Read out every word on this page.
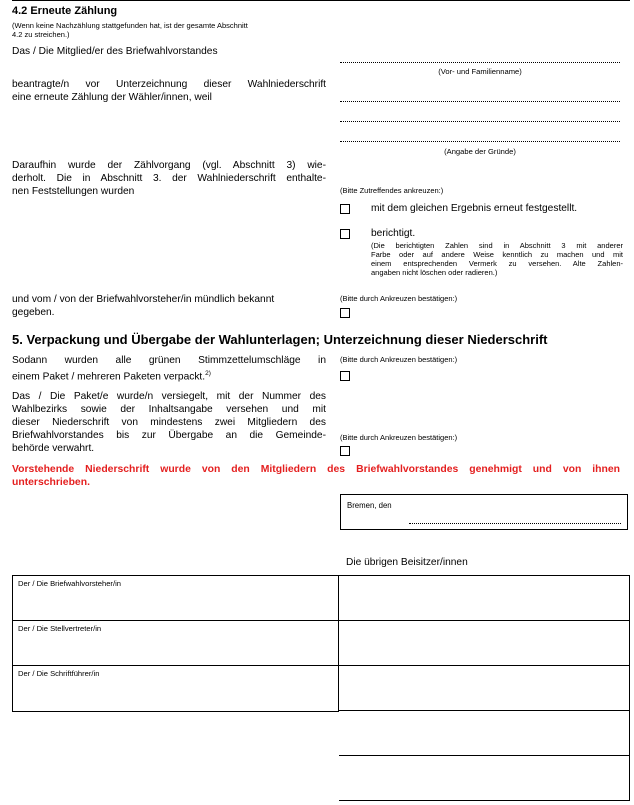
4.2 Erneute Zählung
(Wenn keine Nachzählung stattgefunden hat, ist der gesamte Abschnitt
4.2 zu streichen.)
Das / Die Mitglied/er des Briefwahlvorstandes
(Vor- und Familienname)
beantragte/n vor Unterzeichnung dieser Wahlniederschrift
eine erneute Zählung der Wähler/innen, weil
(Angabe der Gründe)
Daraufhin wurde der Zählvorgang (vgl. Abschnitt 3) wie-
derholt. Die in Abschnitt 3. der Wahlniederschrift enthalte-
nen Feststellungen wurden	(Bitte Zutreffendes ankreuzen:)
mit dem gleichen Ergebnis erneut festgestellt.
berichtigt.
(Die berichtigten Zahlen sind in Abschnitt 3 mit anderer
Farbe oder auf andere Weise kenntlich zu machen und mit
einem entsprechenden Vermerk zu versehen. Alte Zahlen-
angaben nicht löschen oder radieren.)
und vom / von der Briefwahlvorsteher/in mündlich bekannt
gegeben.
(Bitte durch Ankreuzen bestätigen:)
5. Verpackung und Übergabe der Wahlunterlagen; Unterzeichnung dieser Niederschrift
Sodann wurden alle grünen Stimmzettelumschläge in
einem Paket / mehreren Paketen verpackt.$^{2)}$
(Bitte durch Ankreuzen bestätigen:)
Das / Die Paket/e wurde/n versiegelt, mit der Nummer des
Wahlbezirks sowie der Inhaltsangabe versehen und mit
dieser Niederschrift von mindestens zwei Mitgliedern des
Briefwahlvorstandes bis zur Übergabe an die Gemeinde-
behörde verwahrt.
(Bitte durch Ankreuzen bestätigen:)
Vorstehende Niederschrift wurde von den Mitgliedern des Briefwahlvorstandes genehmigt und von ihnen
unterschrieben.
Bremen, den
Die übrigen Beisitzer/innen
Der / Die Briefwahlvorsteher/in
Der / Die Stellvertreter/in
Der / Die Schriftführer/in
